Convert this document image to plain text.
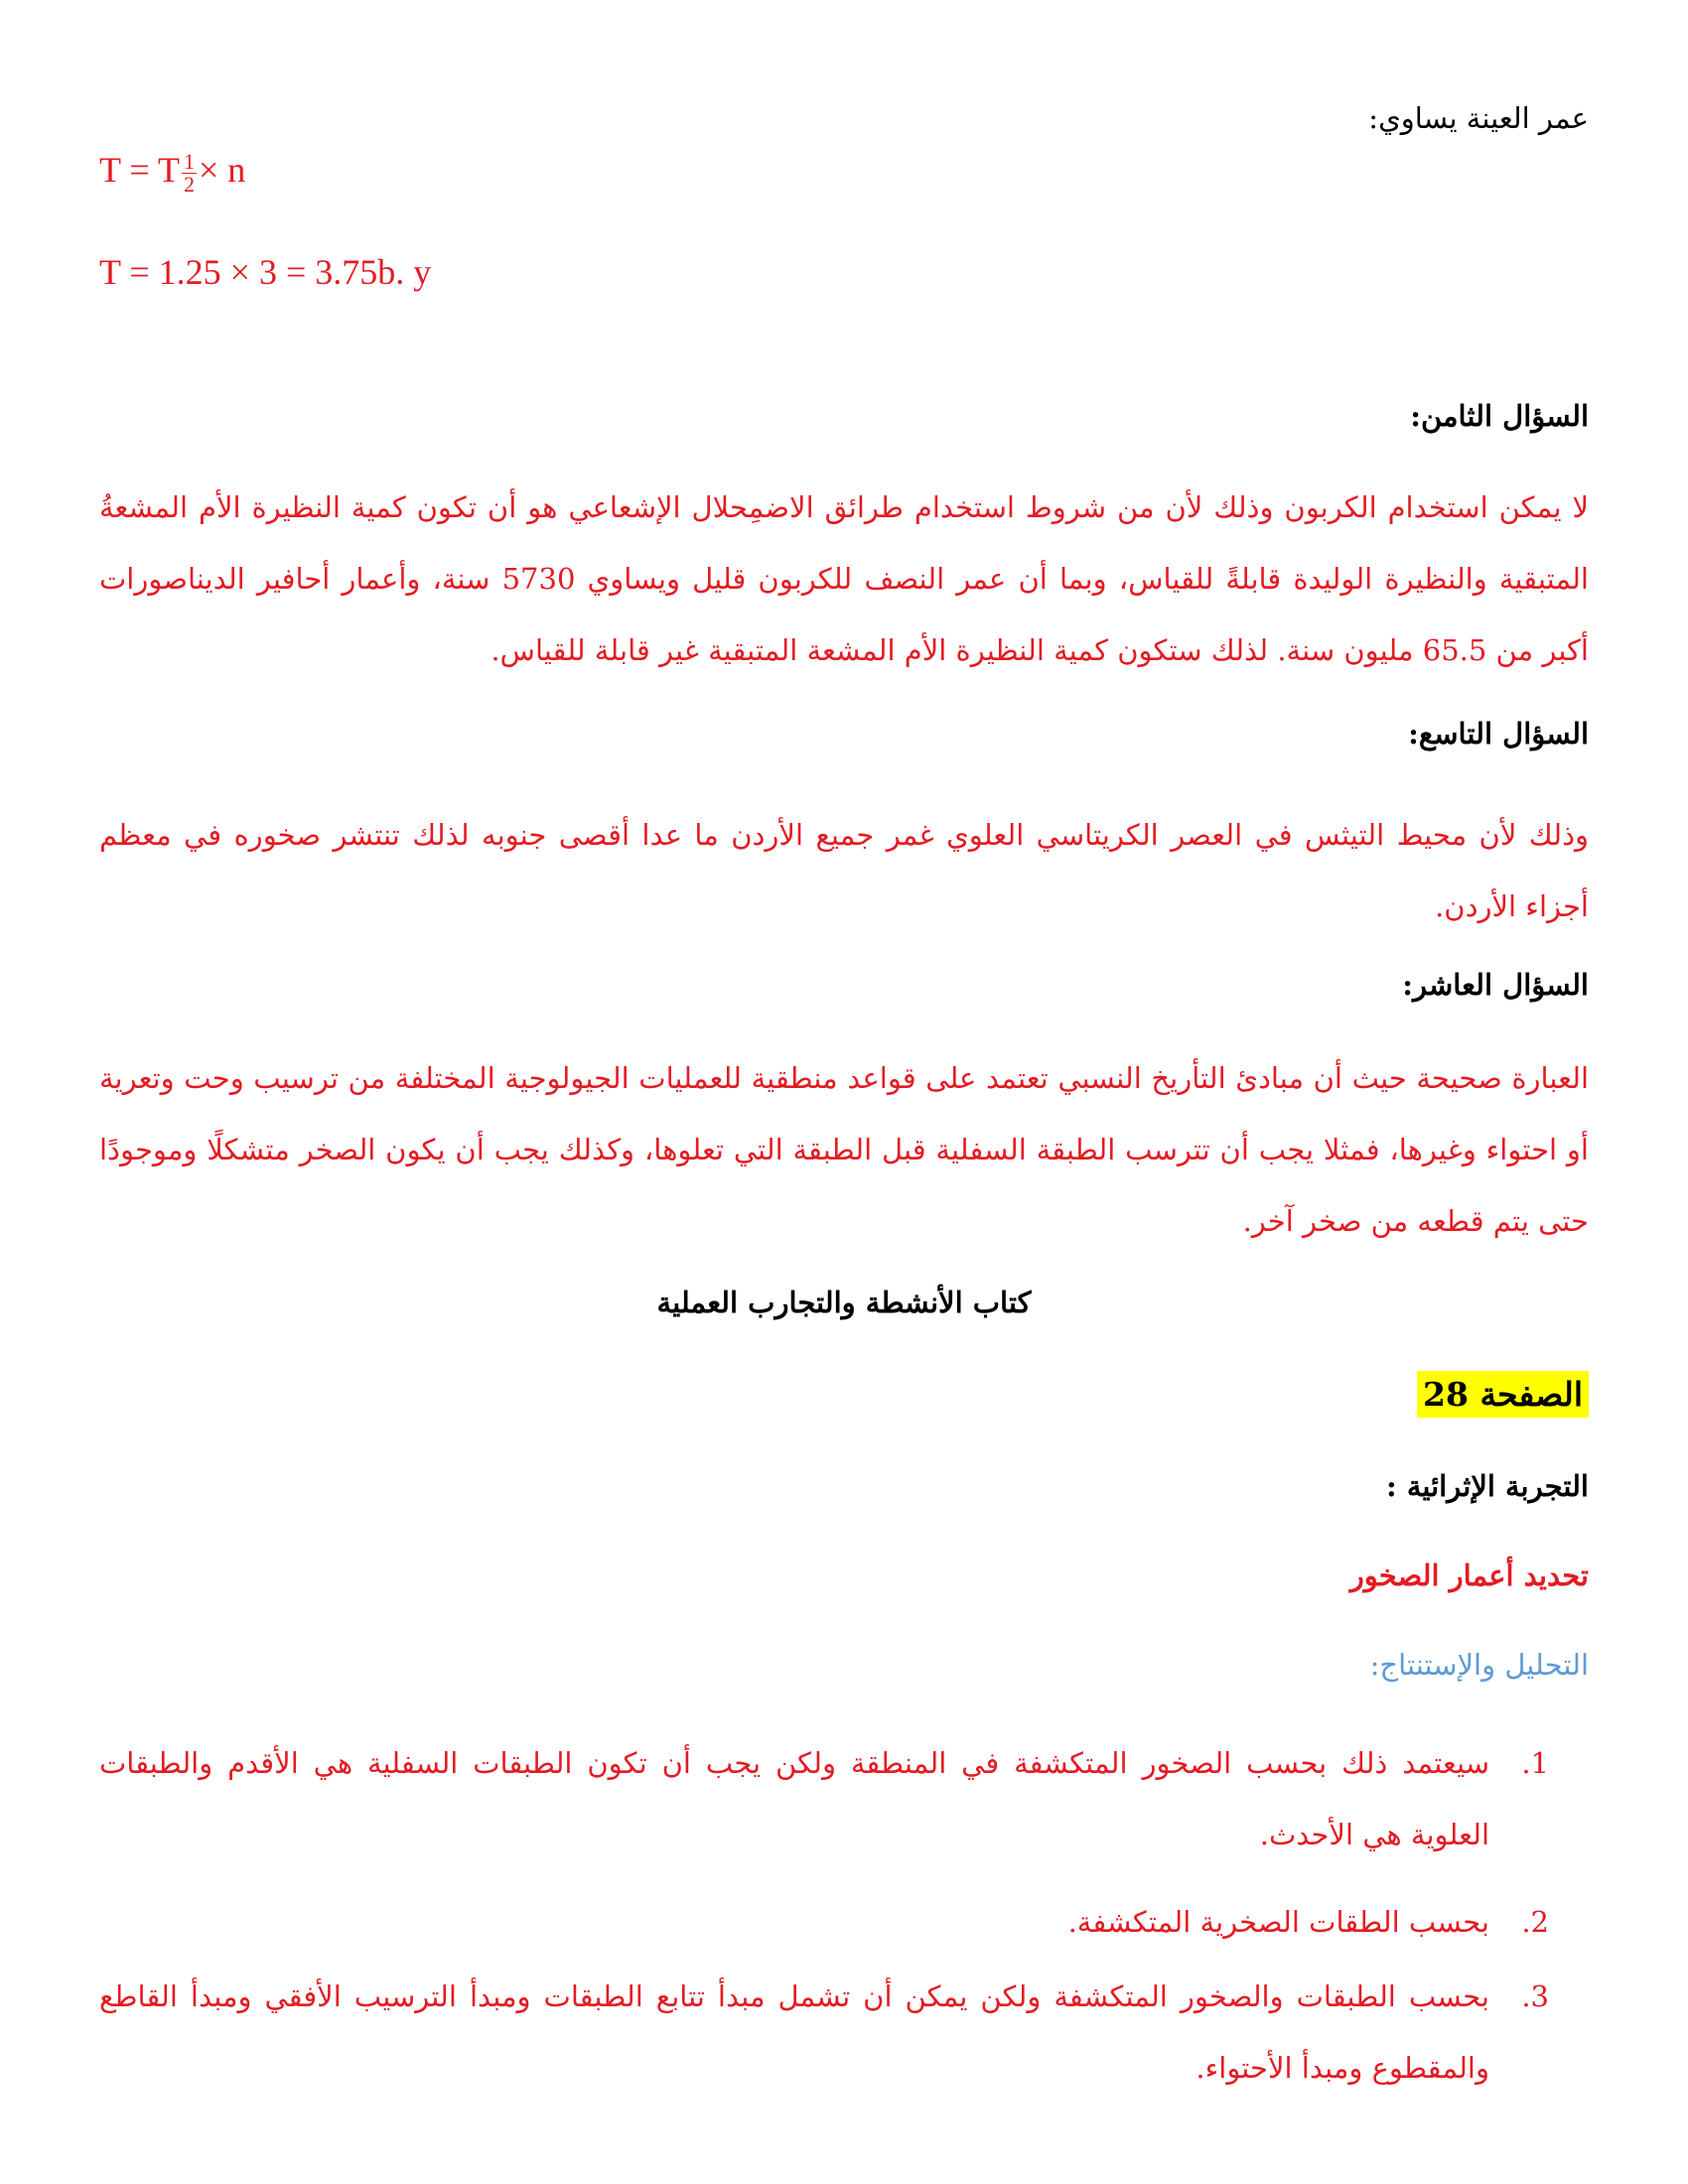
عمر العينة يساوي:
T = T $\frac{1}{2} \times n$
T = 1.25 × 3 = 3.75b. y
السؤال الثامن:
لا يمكن استخدام الكربون وذلك لأن من شروط استخدام طرائق الاضمِحلال الإشعاعي هو أن تكون كمية النظيرة الأم المشعةُ المتبقية والنظيرة الوليدة قابلةً للقياس، وبما أن عمر النصف للكربون قليل ويساوي 5730 سنة، وأعمار أحافير الديناصورات أكبر من 65.5 مليون سنة. لذلك ستكون كمية النظيرة الأم المشعة المتبقية غير قابلة للقياس.
السؤال التاسع:
وذلك لأن محيط التيثس في العصر الكريتاسي العلوي غمر جميع الأردن ما عدا أقصى جنوبه لذلك تنتشر صخوره في معظم أجزاء الأردن.
السؤال العاشر:
العبارة صحيحة حيث أن مبادئ التأريخ النسبي تعتمد على قواعد منطقية للعمليات الجيولوجية المختلفة من ترسيب وحت وتعرية أو احتواء وغيرها، فمثلا يجب أن تترسب الطبقة السفلية قبل الطبقة التي تعلوها، وكذلك يجب أن يكون الصخر متشكلًا وموجودًا حتى يتم قطعه من صخر آخر.
كتاب الأنشطة والتجارب العملية
الصفحة 28
التجربة الإثرائية :
تحديد أعمار الصخور
التحليل والإستنتاج:
1.
سيعتمد ذلك بحسب الصخور المتكشفة في المنطقة ولكن يجب أن تكون الطبقات السفلية هي الأقدم والطبقات العلوية هي الأحدث.
2.
بحسب الطقات الصخرية المتكشفة.
3.
بحسب الطبقات والصخور المتكشفة ولكن يمكن أن تشمل مبدأ تتابع الطبقات ومبدأ الترسيب الأفقي ومبدأ القاطع والمقطوع ومبدأ الأحتواء.
